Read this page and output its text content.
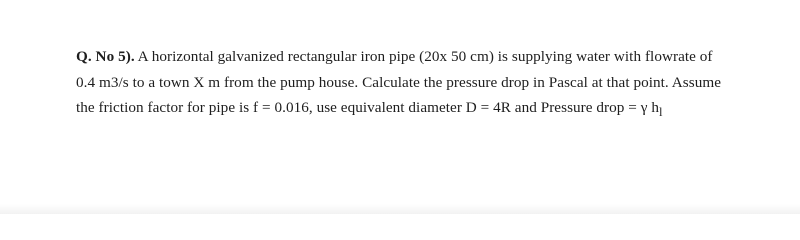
Q. No 5). A horizontal galvanized rectangular iron pipe (20x 50 cm) is supplying water with flowrate of
0.4 m3/s to a town X m from the pump house. Calculate the pressure drop in Pascal at that point. Assume
the friction factor for pipe is f = 0.016, use equivalent diameter D = 4R and Pressure drop = γ $h_l$
